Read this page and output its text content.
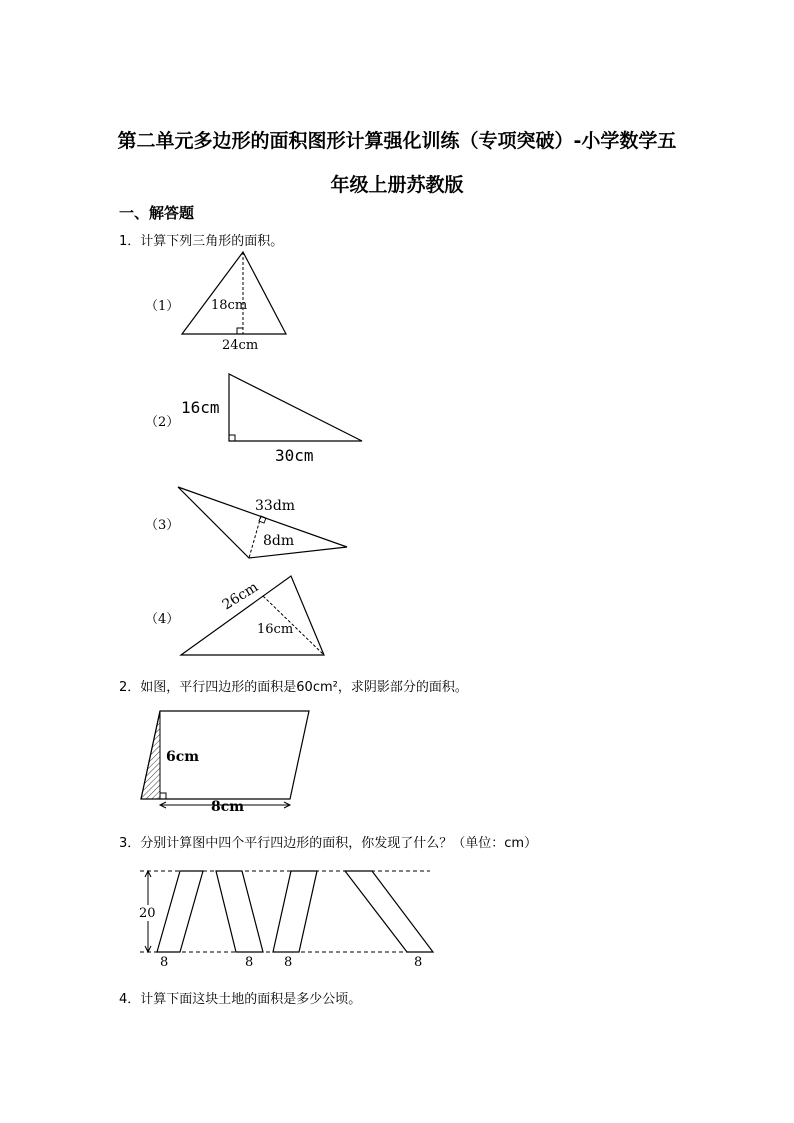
第二单元多边形的面积图形计算强化训练（专项突破）-小学数学五
年级上册苏教版
一、解答题
1．计算下列三角形的面积。
（1）
（2）
（3）
（4）
18cm
24cm
16cm
30cm
33dm
8dm
26cm
16cm
6cm
8cm
20
8	8 8	8
2．如图，平行四边形的面积是60cm²，求阴影部分的面积。
3．分别计算图中四个平行四边形的面积，你发现了什么？（单位：cm）
4．计算下面这块土地的面积是多少公顷。
